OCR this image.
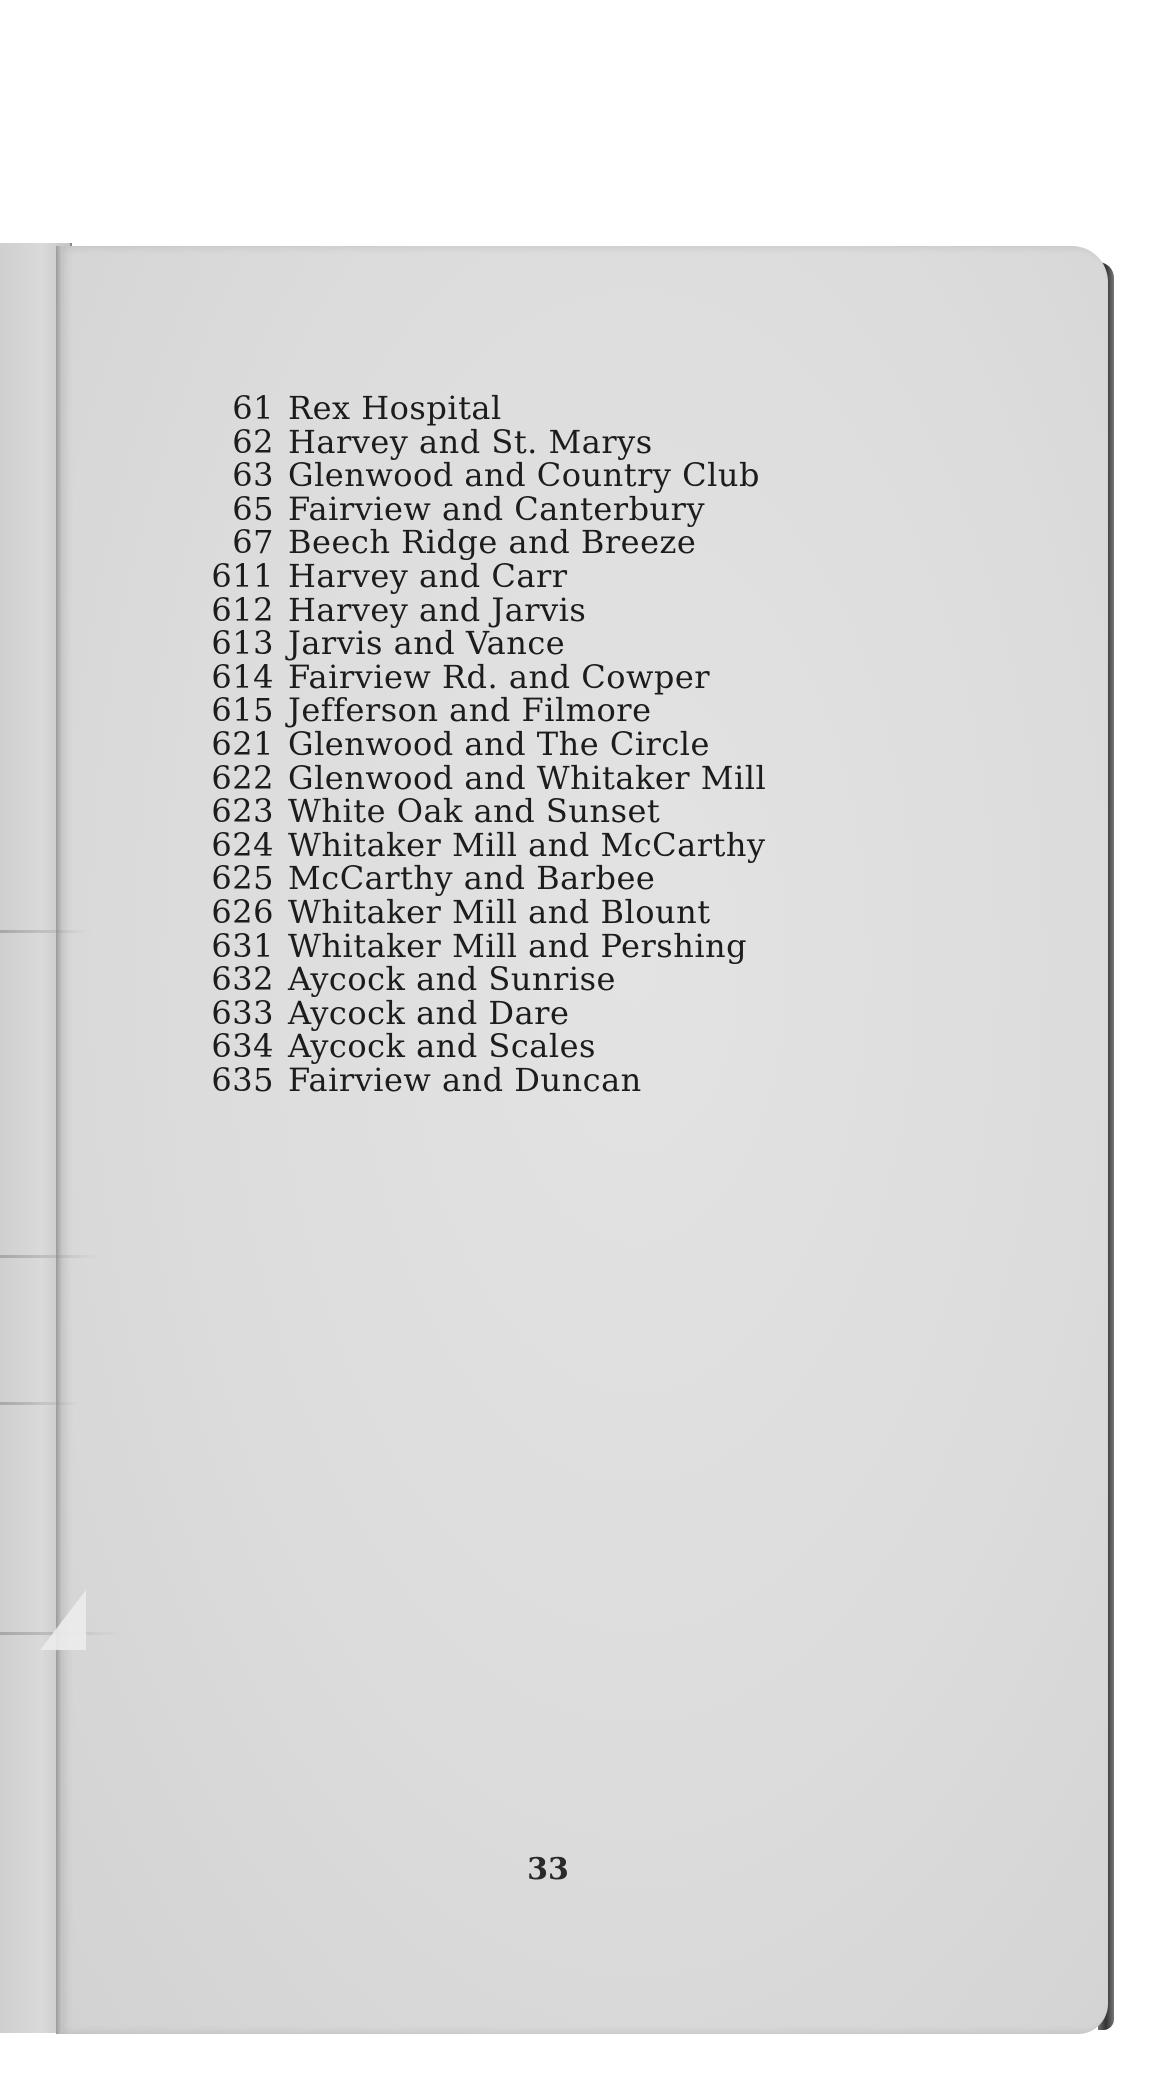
61 Rex Hospital
62 Harvey and St. Marys
63 Glenwood and Country Club
65 Fairview and Canterbury
67 Beech Ridge and Breeze
611 Harvey and Carr
612 Harvey and Jarvis
613 Jarvis and Vance
614 Fairview Rd. and Cowper
615 Jefferson and Filmore
621 Glenwood and The Circle
622 Glenwood and Whitaker Mill
623 White Oak and Sunset
624 Whitaker Mill and McCarthy
625 McCarthy and Barbee
626 Whitaker Mill and Blount
631 Whitaker Mill and Pershing
632 Aycock and Sunrise
633 Aycock and Dare
634 Aycock and Scales
635 Fairview and Duncan
33
